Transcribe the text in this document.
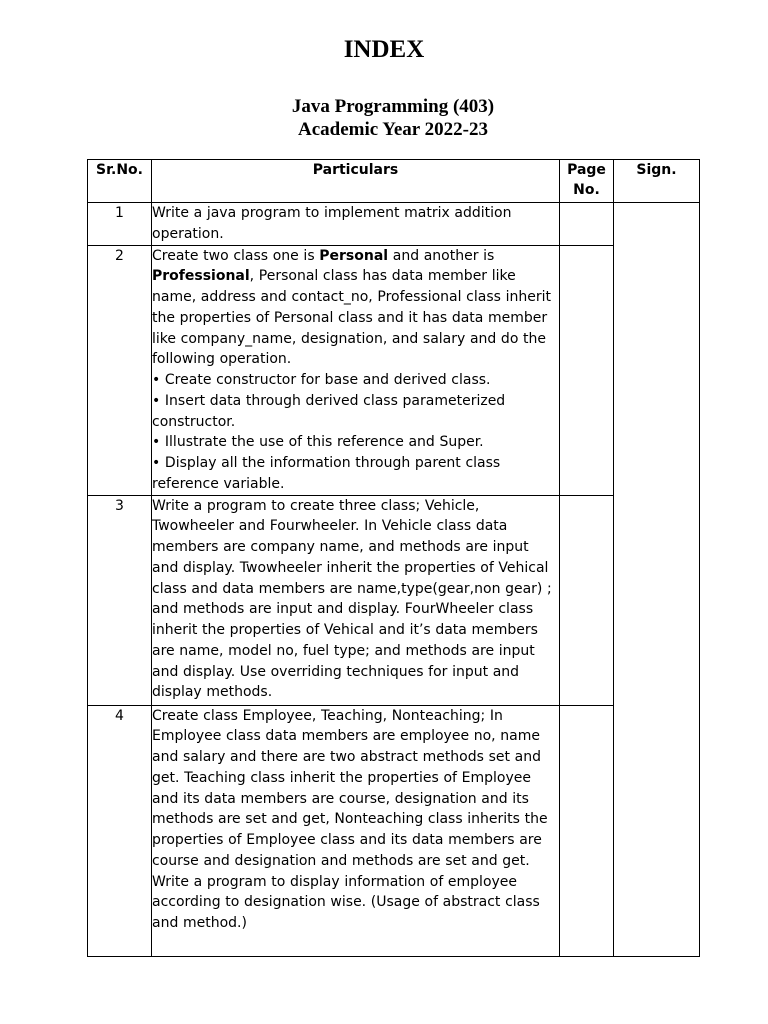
INDEX
Java Programming (403)
Academic Year 2022-23
Sr.No.	Particulars	Page No.	Sign.
1	Write a java program to implement matrix addition operation.		
2	Create two class one is Personal and another is Professional, Personal class has data member like name, address and contact_no, Professional class inherit the properties of Personal class and it has data member like company_name, designation, and salary and do the following operation.

• Create constructor for base and derived class.

• Insert data through derived class parameterized constructor.

• Illustrate the use of this reference and Super.

• Display all the information through parent class reference variable.		

3	Write a program to create three class; Vehicle, Twowheeler and Fourwheeler. In Vehicle class data members are company name, and methods are input and display. Twowheeler inherit the properties of Vehical class and data members are name,type(gear,non gear) ; and methods are input and display. FourWheeler class inherit the properties of Vehical and it’s data members are name, model no, fuel type; and methods are input and display. Use overriding techniques for input and display methods.		
4	Create class Employee, Teaching, Nonteaching; In Employee class data members are employee no, name and salary and there are two abstract methods set and get. Teaching class inherit the properties of Employee and its data members are course, designation and its methods are set and get, Nonteaching class inherits the properties of Employee class and its data members are course and designation and methods are set and get. Write a program to display information of employee according to designation wise. (Usage of abstract class and method.)		
